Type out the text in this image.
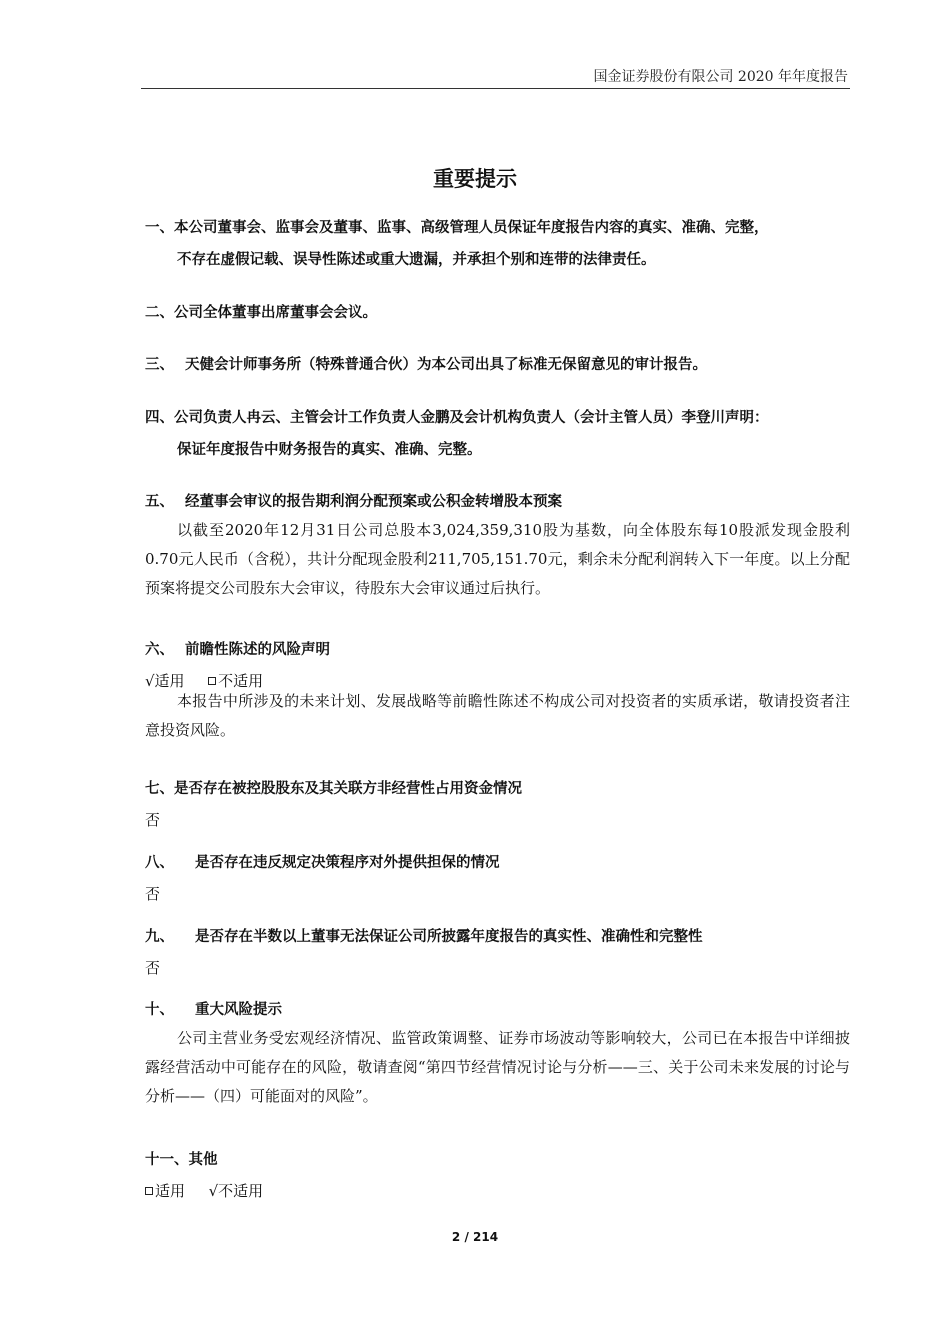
国金证券股份有限公司 2020 年年度报告
重要提示
一、本公司董事会、监事会及董事、监事、高级管理人员保证年度报告内容的真实、准确、完整，
不存在虚假记载、误导性陈述或重大遗漏，并承担个别和连带的法律责任。
二、公司全体董事出席董事会会议。
三、 天健会计师事务所（特殊普通合伙）为本公司出具了标准无保留意见的审计报告。
四、公司负责人冉云、主管会计工作负责人金鹏及会计机构负责人（会计主管人员）李登川声明：
保证年度报告中财务报告的真实、准确、完整。
五、 经董事会审议的报告期利润分配预案或公积金转增股本预案
以截至2020年12月31日公司总股本3,024,359,310股为基数，向全体股东每10股派发现金股利0.70元人民币（含税），共计分配现金股利211,705,151.70元，剩余未分配利润转入下一年度。以上分配预案将提交公司股东大会审议，待股东大会审议通过后执行。
六、 前瞻性陈述的风险声明
√适用 不适用
本报告中所涉及的未来计划、发展战略等前瞻性陈述不构成公司对投资者的实质承诺，敬请投资者注意投资风险。
七、是否存在被控股股东及其关联方非经营性占用资金情况
否
八、 是否存在违反规定决策程序对外提供担保的情况
否
九、 是否存在半数以上董事无法保证公司所披露年度报告的真实性、准确性和完整性
否
十、 重大风险提示
公司主营业务受宏观经济情况、监管政策调整、证券市场波动等影响较大，公司已在本报告中详细披露经营活动中可能存在的风险，敬请查阅“第四节经营情况讨论与分析——三、关于公司未来发展的讨论与分析——（四）可能面对的风险”。
十一、其他
适用 √不适用
2 / 214
